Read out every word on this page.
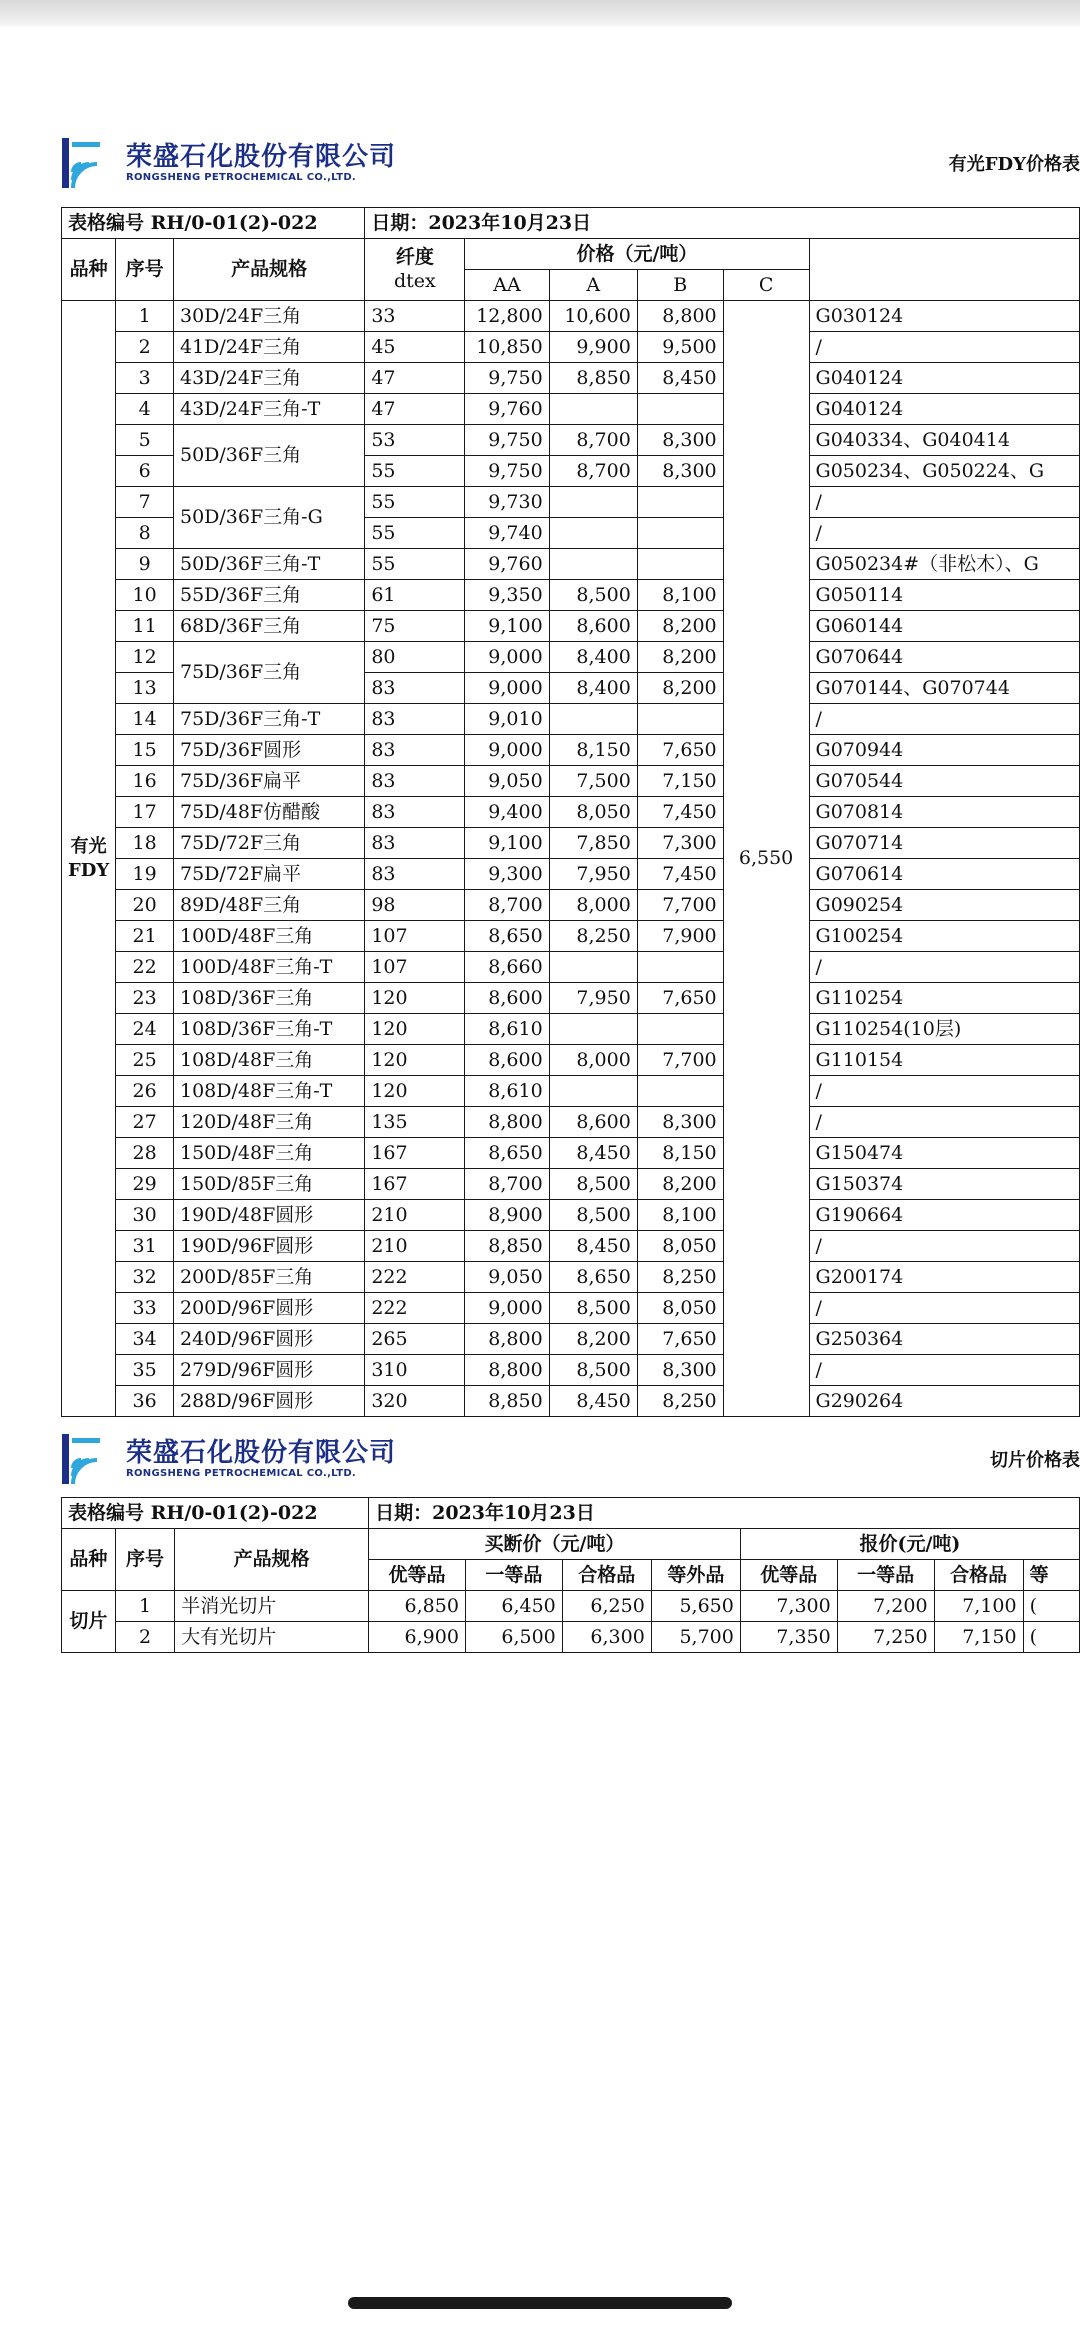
荣盛石化股份有限公司
RONGSHENG PETROCHEMICAL CO.,LTD.
有光FDY价格表
表格编号 RH/0-01(2)-022			日期：2023年10月23日					
品种	序号	产品规格	纤度
dtex	价格（元/吨）				
				AA	A	B	C	
有光FDY	1	30D/24F三角	33	12,800	10,600	8,800	6,550	G030124
	2	41D/24F三角	45	10,850	9,900	9,500		/
	3	43D/24F三角	47	9,750	8,850	8,450		G040124
	4	43D/24F三角-T	47	9,760				G040124
	5	50D/36F三角	53	9,750	8,700	8,300		G040334、G040414
	6		55	9,750	8,700	8,300		G050234、G050224、G
	7	50D/36F三角-G	55	9,730				/
	8		55	9,740				/
	9	50D/36F三角-T	55	9,760				G050234#（非松木）、G
	10	55D/36F三角	61	9,350	8,500	8,100		G050114
	11	68D/36F三角	75	9,100	8,600	8,200		G060144
	12	75D/36F三角	80	9,000	8,400	8,200		G070644
	13		83	9,000	8,400	8,200		G070144、G070744
	14	75D/36F三角-T	83	9,010				/
	15	75D/36F圆形	83	9,000	8,150	7,650		G070944
	16	75D/36F扁平	83	9,050	7,500	7,150		G070544
	17	75D/48F仿醋酸	83	9,400	8,050	7,450		G070814
	18	75D/72F三角	83	9,100	7,850	7,300		G070714
	19	75D/72F扁平	83	9,300	7,950	7,450		G070614
	20	89D/48F三角	98	8,700	8,000	7,700		G090254
	21	100D/48F三角	107	8,650	8,250	7,900		G100254
	22	100D/48F三角-T	107	8,660				/
	23	108D/36F三角	120	8,600	7,950	7,650		G110254
	24	108D/36F三角-T	120	8,610				G110254(10层)
	25	108D/48F三角	120	8,600	8,000	7,700		G110154
	26	108D/48F三角-T	120	8,610				/
	27	120D/48F三角	135	8,800	8,600	8,300		/
	28	150D/48F三角	167	8,650	8,450	8,150		G150474
	29	150D/85F三角	167	8,700	8,500	8,200		G150374
	30	190D/48F圆形	210	8,900	8,500	8,100		G190664
	31	190D/96F圆形	210	8,850	8,450	8,050		/
	32	200D/85F三角	222	9,050	8,650	8,250		G200174
	33	200D/96F圆形	222	9,000	8,500	8,050		/
	34	240D/96F圆形	265	8,800	8,200	7,650		G250364
	35	279D/96F圆形	310	8,800	8,500	8,300		/
	36	288D/96F圆形	320	8,850	8,450	8,250		G290264
荣盛石化股份有限公司
RONGSHENG PETROCHEMICAL CO.,LTD.
切片价格表
表格编号 RH/0-01(2)-022			日期：2023年10月23日							
品种	序号	产品规格	买断价（元/吨）				报价(元/吨)			
			优等品	一等品	合格品	等外品	优等品	一等品	合格品	等
切片	1	半消光切片	6,850	6,450	6,250	5,650	7,300	7,200	7,100	(
	2	大有光切片	6,900	6,500	6,300	5,700	7,350	7,250	7,150	(
